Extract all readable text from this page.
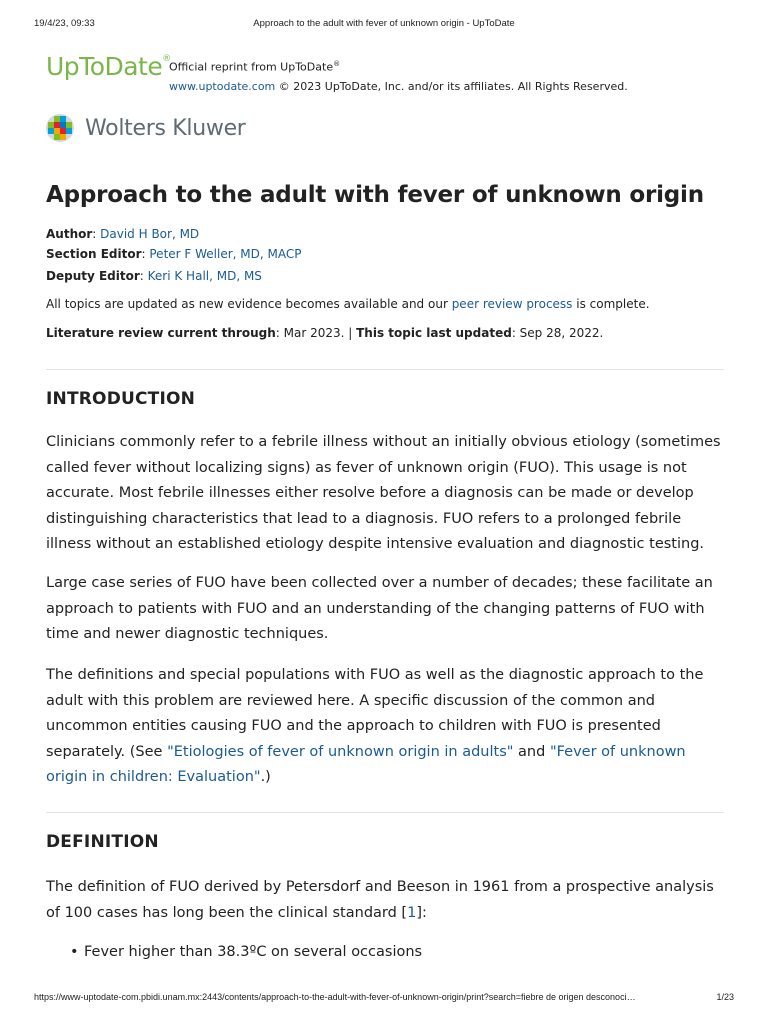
19/4/23, 09:33	Approach to the adult with fever of unknown origin - UpToDate
UpToDate®
Official reprint from UpToDate®
www.uptodate.com © 2023 UpToDate, Inc. and/or its affiliates. All Rights Reserved.
Wolters Kluwer
Approach to the adult with fever of unknown origin
Author: David H Bor, MD
Section Editor: Peter F Weller, MD, MACP
Deputy Editor: Keri K Hall, MD, MS
All topics are updated as new evidence becomes available and our peer review process is complete.
Literature review current through: Mar 2023. | This topic last updated: Sep 28, 2022.
INTRODUCTION

Clinicians commonly refer to a febrile illness without an initially obvious etiology (sometimes called fever without localizing signs) as fever of unknown origin (FUO). This usage is not accurate. Most febrile illnesses either resolve before a diagnosis can be made or develop distinguishing characteristics that lead to a diagnosis. FUO refers to a prolonged febrile illness without an established etiology despite intensive evaluation and diagnostic testing.

Large case series of FUO have been collected over a number of decades; these facilitate an approach to patients with FUO and an understanding of the changing patterns of FUO with time and newer diagnostic techniques.

The definitions and special populations with FUO as well as the diagnostic approach to the adult with this problem are reviewed here. A specific discussion of the common and uncommon entities causing FUO and the approach to children with FUO is presented separately. (See "Etiologies of fever of unknown origin in adults" and "Fever of unknown origin in children: Evaluation".)

DEFINITION

The definition of FUO derived by Petersdorf and Beeson in 1961 from a prospective analysis of 100 cases has long been the clinical standard [1]:

• Fever higher than 38.3ºC on several occasions
https://www-uptodate-com.pbidi.unam.mx:2443/contents/approach-to-the-adult-with-fever-of-unknown-origin/print?search=fiebre de origen desconoci…	1/23
